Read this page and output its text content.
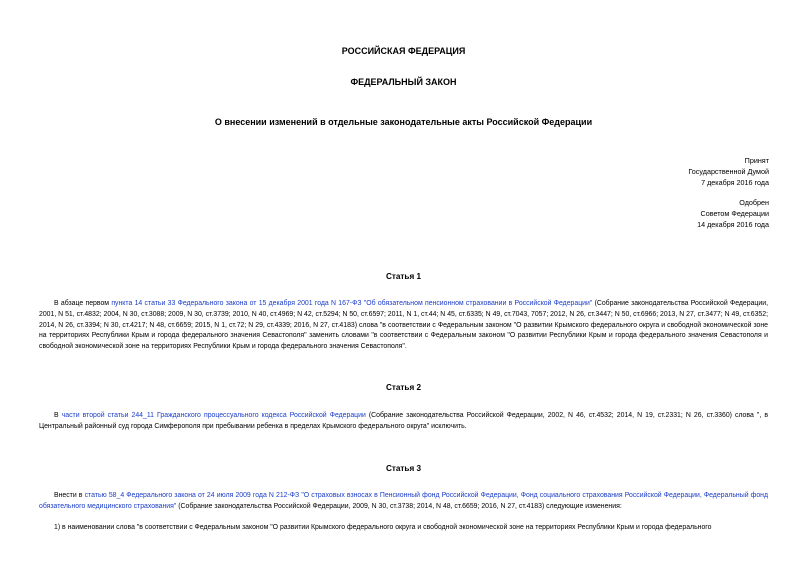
РОССИЙСКАЯ ФЕДЕРАЦИЯ
ФЕДЕРАЛЬНЫЙ ЗАКОН
О внесении изменений в отдельные законодательные акты Российской Федерации
Принят
Государственной Думой
7 декабря 2016 года
Одобрен
Советом Федерации
14 декабря 2016 года
Статья 1
В абзаце первом пункта 14 статьи 33 Федерального закона от 15 декабря 2001 года N 167-ФЗ "Об обязательном пенсионном страховании в Российской Федерации" (Собрание законодательства Российской Федерации, 2001, N 51, ст.4832; 2004, N 30, ст.3088; 2009, N 30, ст.3739; 2010, N 40, ст.4969; N 42, ст.5294; N 50, ст.6597; 2011, N 1, ст.44; N 45, ст.6335; N 49, ст.7043, 7057; 2012, N 26, ст.3447; N 50, ст.6966; 2013, N 27, ст.3477; N 49, ст.6352; 2014, N 26, ст.3394; N 30, ст.4217; N 48, ст.6659; 2015, N 1, ст.72; N 29, ст.4339; 2016, N 27, ст.4183) слова "в соответствии с Федеральным законом "О развитии Крымского федерального округа и свободной экономической зоне на территориях Республики Крым и города федерального значения Севастополя" заменить словами "в соответствии с Федеральным законом "О развитии Республики Крым и города федерального значения Севастополя и свободной экономической зоне на территориях Республики Крым и города федерального значения Севастополя".
Статья 2
В части второй статьи 244_11 Гражданского процессуального кодекса Российской Федерации (Собрание законодательства Российской Федерации, 2002, N 46, ст.4532; 2014, N 19, ст.2331; N 26, ст.3360) слова ", в Центральный районный суд города Симферополя при пребывании ребенка в пределах Крымского федерального округа" исключить.
Статья 3
Внести в статью 58_4 Федерального закона от 24 июля 2009 года N 212-ФЗ "О страховых взносах в Пенсионный фонд Российской Федерации, Фонд социального страхования Российской Федерации, Федеральный фонд обязательного медицинского страхования" (Собрание законодательства Российской Федерации, 2009, N 30, ст.3738; 2014, N 48, ст.6659; 2016, N 27, ст.4183) следующие изменения:
1) в наименовании слова "в соответствии с Федеральным законом "О развитии Крымского федерального округа и свободной экономической зоне на территориях Республики Крым и города федерального
